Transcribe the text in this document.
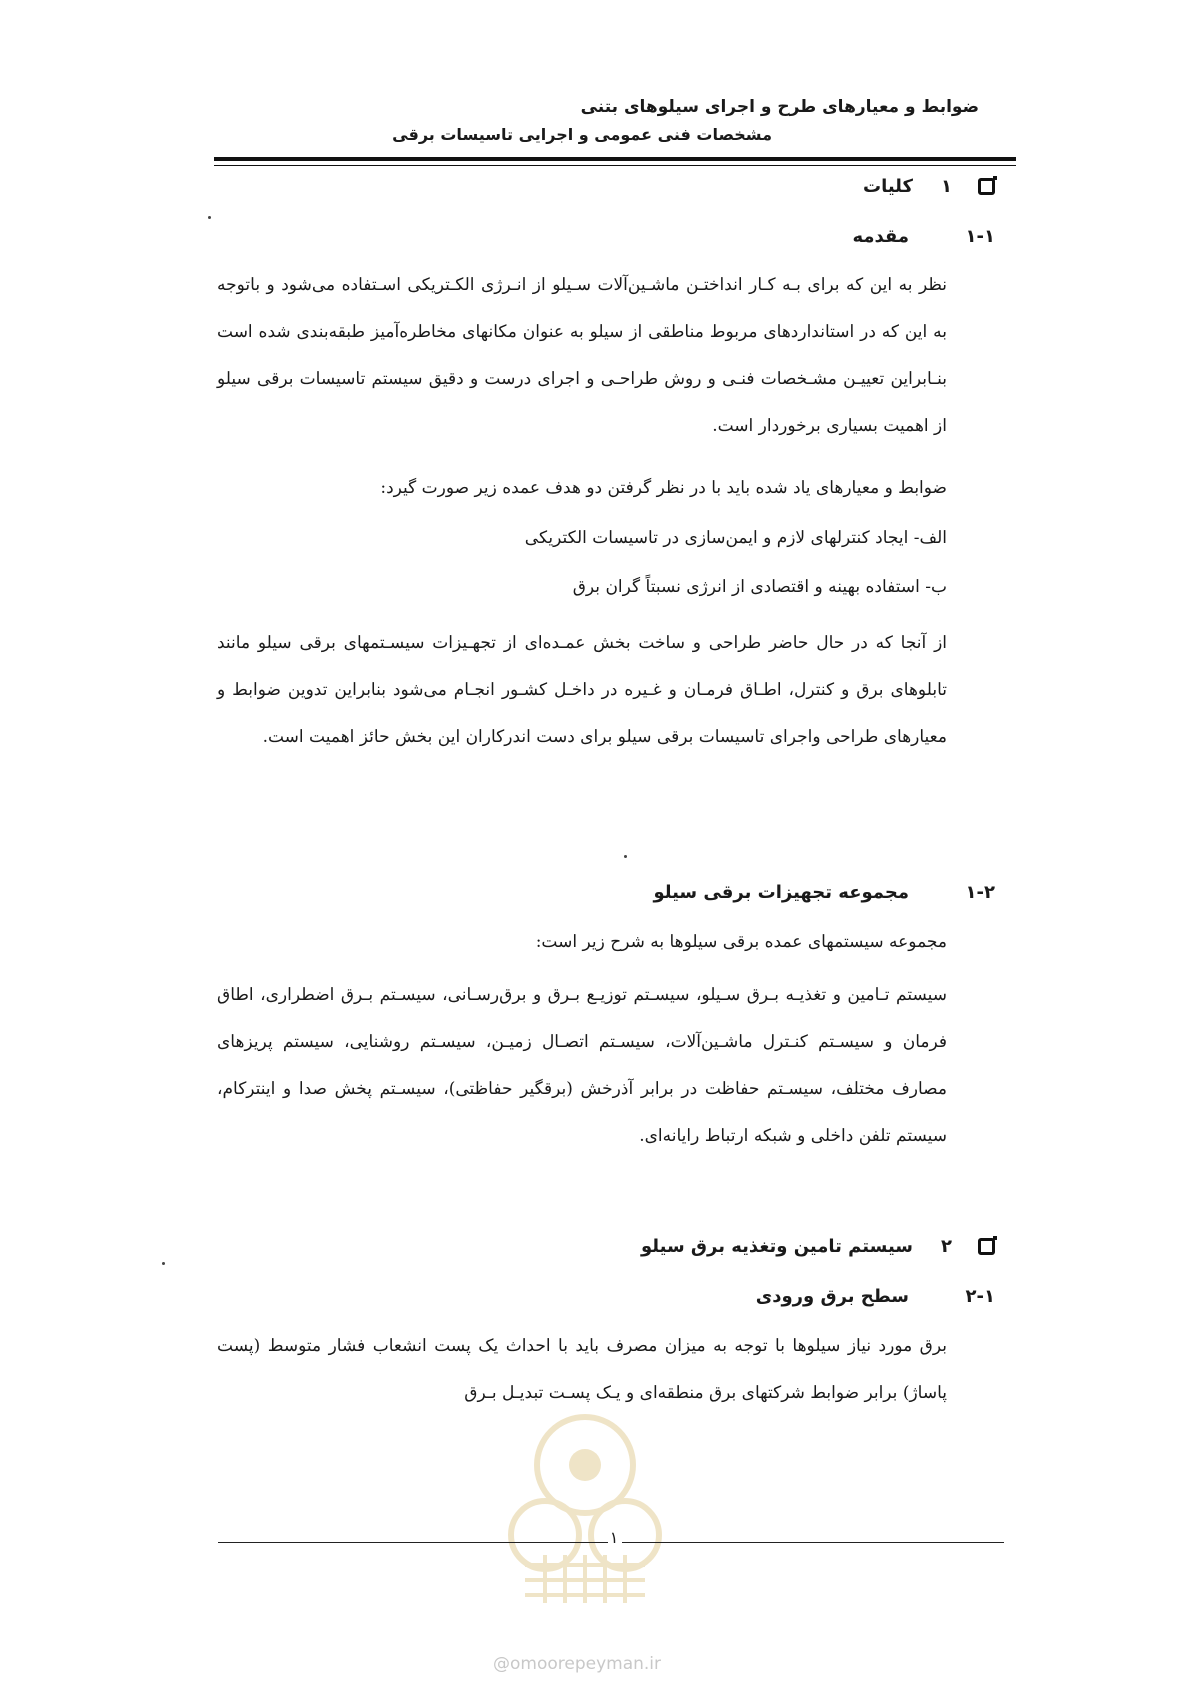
ضوابط و معیارهای طرح و اجرای سیلوهای بتنی
مشخصات فنی عمومی و اجرایی تاسیسات برقی
۱
کلیات
۱-۱
مقدمه
نظر به این که برای بـه کـار انداختـن ماشـین‌آلات سـیلو از انـرژی الکـتریکی اسـتفاده می‌شود و باتوجه به این که در استانداردهای مربوط مناطقی از سیلو به عنوان مکانهای مخاطره‌آمیز طبقه‌بندی شده است بنـابراین تعییـن مشـخصات فنـی و روش طراحـی و اجرای درست و دقیق سیستم تاسیسات برقی سیلو از اهمیت بسیاری برخوردار است.
ضوابط و معیارهای یاد شده باید با در نظر گرفتن دو هدف عمده زیر صورت گیرد:
الف- ایجاد کنترلهای لازم و ایمن‌سازی در تاسیسات الکتریکی
ب- استفاده بهینه و اقتصادی از انرژی نسبتاً گران برق
از آنجا که در حال حاضر طراحی و ساخت بخش عمـده‌ای از تجهـیزات سیسـتمهای برقی سیلو مانند تابلوهای برق و کنترل، اطـاق فرمـان و غـیره در داخـل کشـور انجـام می‌شود بنابراین تدوین ضوابط و معیارهای طراحی واجرای تاسیسات برقی سیلو برای دست اندرکاران این بخش حائز اهمیت است.
۱-۲
مجموعه تجهیزات برقی سیلو
مجموعه سیستمهای عمده برقی سیلوها به شرح زیر است:
سیستم تـامین و تغذیـه بـرق سـیلو، سیسـتم توزیـع بـرق و برق‌رسـانی، سیسـتم بـرق اضطراری، اطاق فرمان و سیسـتم کنـترل ماشـین‌آلات، سیسـتم اتصـال زمیـن، سیسـتم روشنایی، سیستم پریزهای مصارف مختلف، سیسـتم حفاظت در برابر آذرخش (برقگیر حفاظتی)، سیسـتم پخش صدا و اینترکام، سیستم تلفن داخلی و شبکه ارتباط رایانه‌ای.
۲
سیستم تامین وتغذیه برق سیلو
۲-۱
سطح برق ورودی
برق مورد نیاز سیلوها با توجه به میزان مصرف باید با احداث یک پست انشعاب فشار متوسط (پست پاساژ) برابر ضوابط شرکتهای برق منطقه‌ای و یـک پسـت تبدیـل بـرق
۱
@omoorepeyman.ir
